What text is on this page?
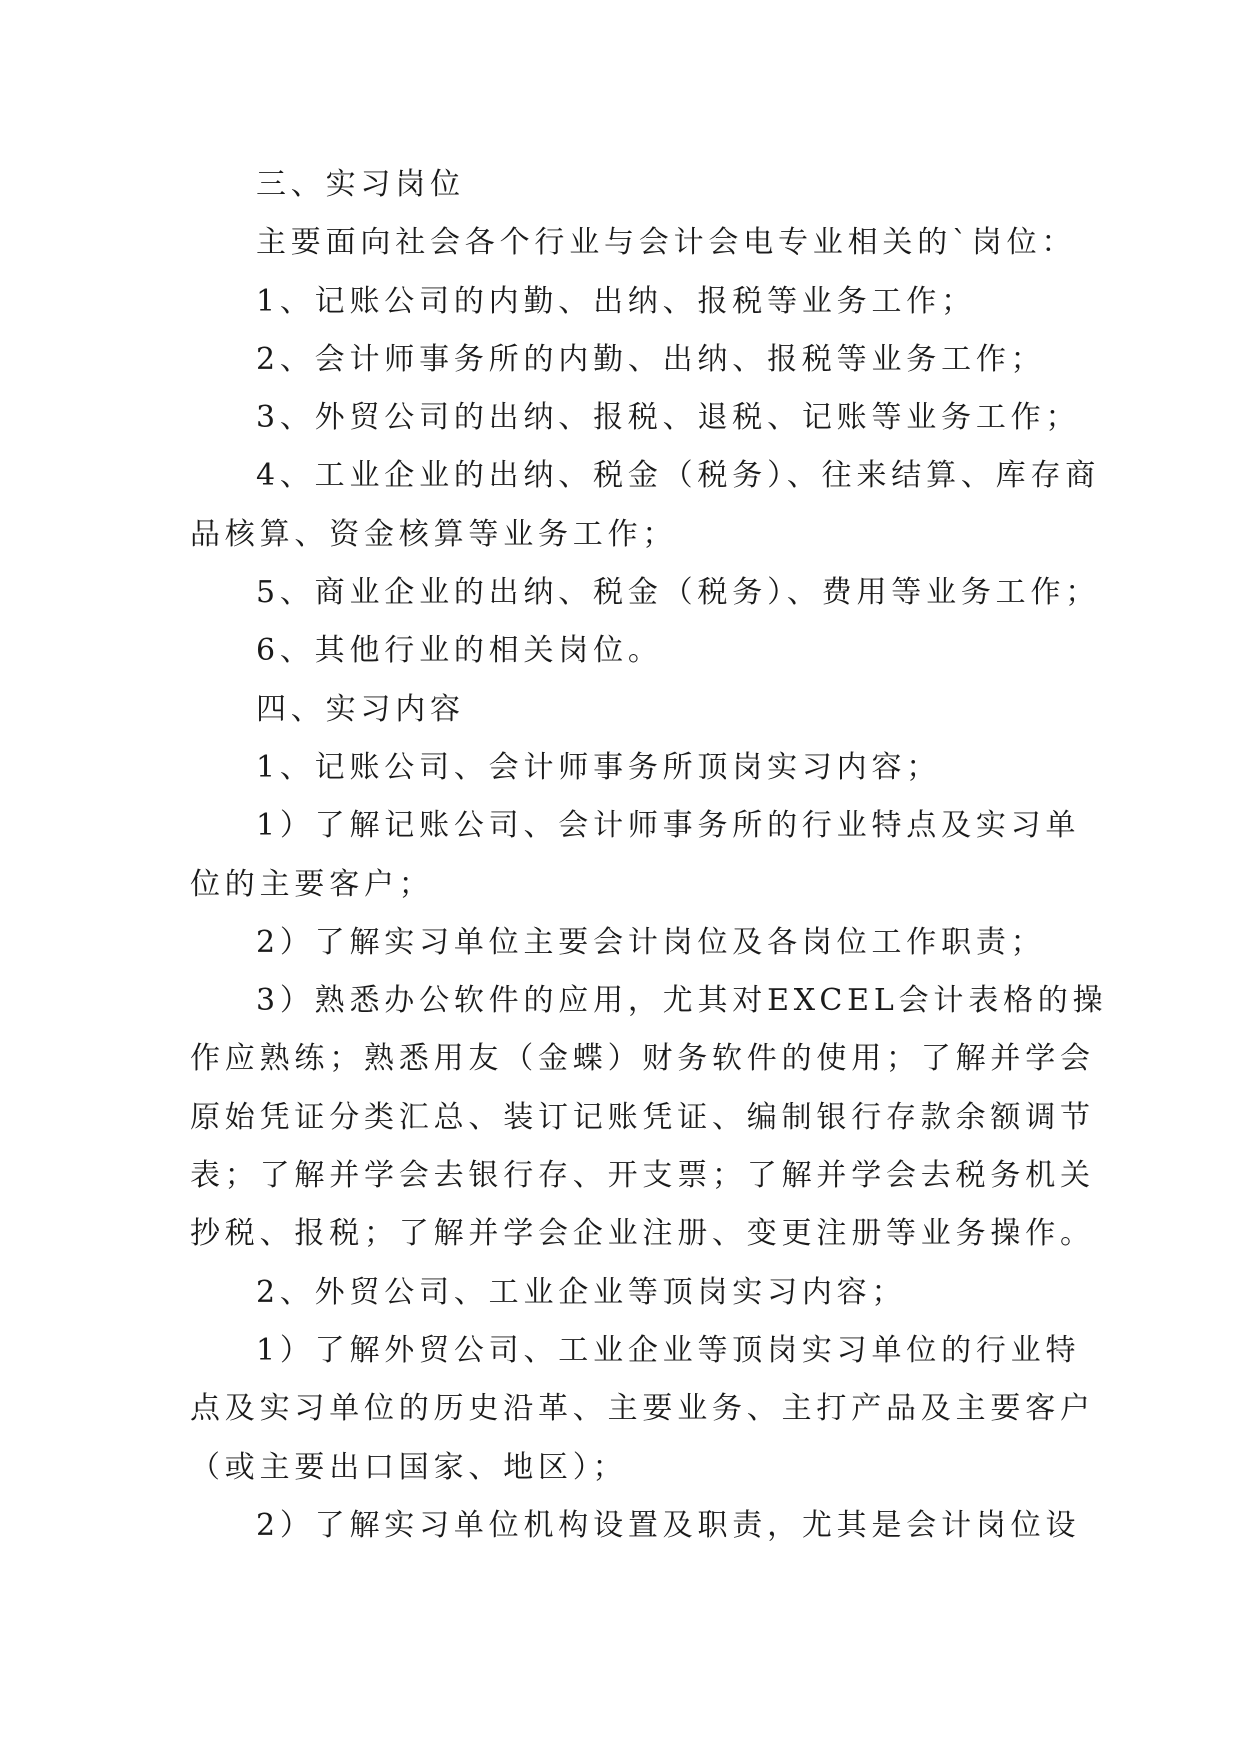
三、实习岗位
主要面向社会各个行业与会计会电专业相关的`岗位：
1、记账公司的内勤、出纳、报税等业务工作；
2、会计师事务所的内勤、出纳、报税等业务工作；
3、外贸公司的出纳、报税、退税、记账等业务工作；
4、工业企业的出纳、税金（税务）、往来结算、库存商
品核算、资金核算等业务工作；
5、商业企业的出纳、税金（税务）、费用等业务工作；
6、其他行业的相关岗位。
四、实习内容
1、记账公司、会计师事务所顶岗实习内容；
1）了解记账公司、会计师事务所的行业特点及实习单
位的主要客户；
2）了解实习单位主要会计岗位及各岗位工作职责；
3）熟悉办公软件的应用，尤其对EXCEL会计表格的操
作应熟练；熟悉用友（金蝶）财务软件的使用；了解并学会
原始凭证分类汇总、装订记账凭证、编制银行存款余额调节
表；了解并学会去银行存、开支票；了解并学会去税务机关
抄税、报税；了解并学会企业注册、变更注册等业务操作。
2、外贸公司、工业企业等顶岗实习内容；
1）了解外贸公司、工业企业等顶岗实习单位的行业特
点及实习单位的历史沿革、主要业务、主打产品及主要客户
（或主要出口国家、地区）；
2）了解实习单位机构设置及职责，尤其是会计岗位设
